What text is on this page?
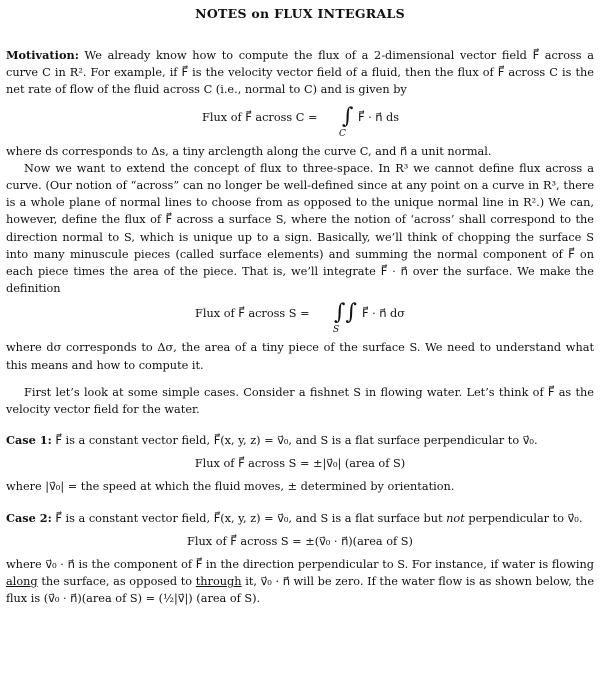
NOTES on FLUX INTEGRALS

Motivation: We already know how to compute the flux of a 2-dimensional vector field F⃗ across a curve C in R². For example, if F⃗ is the velocity vector field of a fluid, then the flux of F⃗ across C is the net rate of flow of the fluid across C (i.e., normal to C) and is given by

Flux of F⃗ across C = ∫
C
F⃗ · n⃗ ds

where ds corresponds to Δs, a tiny arclength along the curve C, and n⃗ a unit normal.

Now we want to extend the concept of flux to three-space. In R³ we cannot define flux across a curve. (Our notion of “across” can no longer be well-defined since at any point on a curve in R³, there is a whole plane of normal lines to choose from as opposed to the unique normal line in R².) We can, however, define the flux of F⃗ across a surface S, where the notion of ‘across’ shall correspond to the direction normal to S, which is unique up to a sign. Basically, we’ll think of chopping the surface S into many minuscule pieces (called surface elements) and summing the normal component of F⃗ on each piece times the area of the piece. That is, we’ll integrate F⃗ · n⃗ over the surface. We make the definition

Flux of F⃗ across S = ∫∫
S
F⃗ · n⃗ dσ

where dσ corresponds to Δσ, the area of a tiny piece of the surface S. We need to understand what this means and how to compute it.

First let’s look at some simple cases. Consider a fishnet S in flowing water. Let’s think of F⃗ as the velocity vector field for the water.

Case 1: F⃗ is a constant vector field, F⃗(x, y, z) = v⃗₀, and S is a flat surface perpendicular to v⃗₀.

Flux of F⃗ across S = ±|v⃗₀| (area of S)

where |v⃗₀| = the speed at which the fluid moves, ± determined by orientation.

Case 2: F⃗ is a constant vector field, F⃗(x, y, z) = v⃗₀, and S is a flat surface but not perpendicular to v⃗₀.

Flux of F⃗ across S = ±(v⃗₀ · n⃗)(area of S)

where v⃗₀ · n⃗ is the component of F⃗ in the direction perpendicular to S. For instance, if water is flowing along the surface, as opposed to through it, v⃗₀ · n⃗ will be zero. If the water flow is as shown below, the flux is (v⃗₀ · n⃗)(area of S) = (½|v⃗|) (area of S).
